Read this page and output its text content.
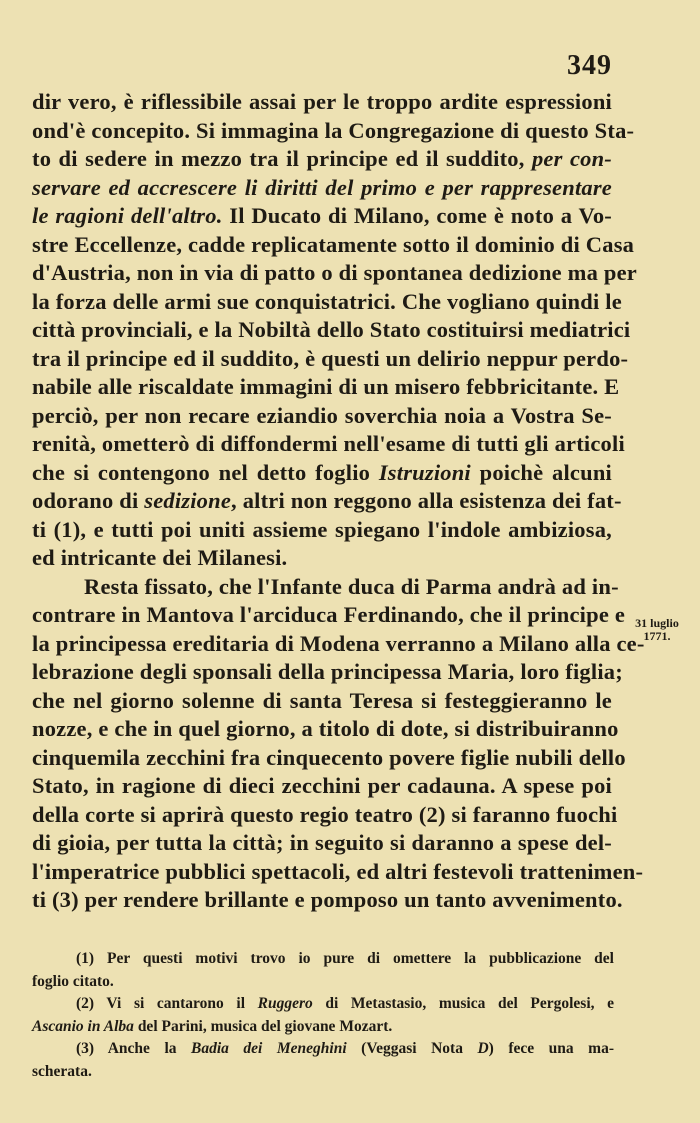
349
dir vero, è riflessibile assai per le troppo ardite espressioni
ond'è concepito. Si immagina la Congregazione di questo Sta-
to di sedere in mezzo tra il principe ed il suddito, per con-
servare ed accrescere li diritti del primo e per rappresentare
le ragioni dell'altro. Il Ducato di Milano, come è noto a Vo-
stre Eccellenze, cadde replicatamente sotto il dominio di Casa
d'Austria, non in via di patto o di spontanea dedizione ma per
la forza delle armi sue conquistatrici. Che vogliano quindi le
città provinciali, e la Nobiltà dello Stato costituirsi mediatrici
tra il principe ed il suddito, è questi un delirio neppur perdo-
nabile alle riscaldate immagini di un misero febbricitante. E
perciò, per non recare eziandio soverchia noia a Vostra Se-
renità, ometterò di diffondermi nell'esame di tutti gli articoli
che si contengono nel detto foglio Istruzioni poichè alcuni
odorano di sedizione, altri non reggono alla esistenza dei fat-
ti (1), e tutti poi uniti assieme spiegano l'indole ambiziosa,
ed intricante dei Milanesi.
Resta fissato, che l'Infante duca di Parma andrà ad in-
contrare in Mantova l'arciduca Ferdinando, che il principe e
la principessa ereditaria di Modena verranno a Milano alla ce-
lebrazione degli sponsali della principessa Maria, loro figlia;
che nel giorno solenne di santa Teresa si festeggieranno le
nozze, e che in quel giorno, a titolo di dote, si distribuiranno
cinquemila zecchini fra cinquecento povere figlie nubili dello
Stato, in ragione di dieci zecchini per cadauna. A spese poi
della corte si aprirà questo regio teatro (2) si faranno fuochi
di gioia, per tutta la città; in seguito si daranno a spese del-
l'imperatrice pubblici spettacoli, ed altri festevoli trattenimen-
ti (3) per rendere brillante e pomposo un tanto avvenimento.
31 luglio
1771.
(1) Per questi motivi trovo io pure di omettere la pubblicazione del
foglio citato.
(2) Vi si cantarono il Ruggero di Metastasio, musica del Pergolesi, e
Ascanio in Alba del Parini, musica del giovane Mozart.
(3) Anche la Badia dei Meneghini (Veggasi Nota D) fece una ma-
scherata.
